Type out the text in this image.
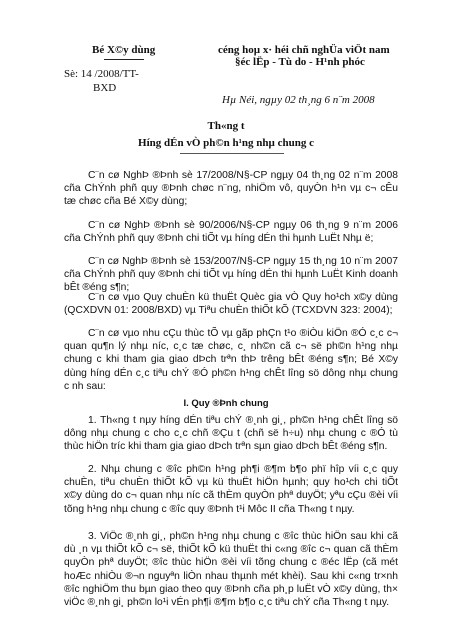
Bé X©y dùng
Sè: 14 /2008/TT-
BXD
céng hoµ x· héi chñ nghÜa viÖt nam
§éc lËp - Tù do - H¹nh phóc
Hµ Néi, ngµy 02 th¸ng 6 n¨m 2008
Th«ng t
Híng dÉn vÒ ph©n h¹ng nhµ chung c
C¨n cø NghÞ ®Þnh sè 17/2008/N§-CP ngµy 04 th¸ng 02 n¨m 2008 cña ChÝnh phñ quy ®Þnh chøc n¨ng, nhiÖm vô, quyÒn h¹n vµ c¬ cÊu tæ chøc cña Bé X©y dùng;
C¨n cø NghÞ ®Þnh sè 90/2006/N§-CP ngµy 06 th¸ng 9 n¨m 2006 cña ChÝnh phñ quy ®Þnh chi tiÕt vµ híng dÉn thi hµnh LuËt Nhµ ë;
C¨n cø NghÞ ®Þnh sè 153/2007/N§-CP ngµy 15 th¸ng 10 n¨m 2007 cña ChÝnh phñ quy ®Þnh chi tiÕt vµ híng dÉn thi hµnh LuËt Kinh doanh bÊt ®éng s¶n;
C¨n cø vµo Quy chuÈn kü thuËt Quèc gia vÒ Quy ho¹ch x©y dùng (QCXDVN 01: 2008/BXD) vµ Tiªu chuÈn thiÕt kÕ (TCXDVN 323: 2004);
C¨n cø vµo nhu cÇu thùc tÕ vµ gãp phÇn t¹o ®iÒu kiÖn ®Ó c¸c c¬ quan qu¶n lý nhµ níc, c¸c tæ chøc, c¸ nh©n cã c¬ së ph©n h¹ng nhµ chung c khi tham gia giao dÞch trªn thÞ trêng bÊt ®éng s¶n; Bé X©y dùng híng dÉn c¸c tiªu chÝ ®Ó ph©n h¹ng chÊt lîng sö dông nhµ chung c nh sau:
I. Quy ®Þnh chung
1. Th«ng t nµy híng dÉn tiªu chÝ ®¸nh gi¸, ph©n h¹ng chÊt lîng sö dông nhµ chung c cho c¸c chñ ®Çu t (chñ së h÷u) nhµ chung c ®Ó tù thùc hiÖn tríc khi tham gia giao dÞch trªn sµn giao dÞch bÊt ®éng s¶n.
2. Nhµ chung c ®îc ph©n h¹ng ph¶i ®¶m b¶o phï hîp víi c¸c quy chuÈn, tiªu chuÈn thiÕt kÕ vµ kü thuËt hiÖn hµnh; quy ho¹ch chi tiÕt x©y dùng do c¬ quan nhµ níc cã thÈm quyÒn phª duyÖt; yªu cÇu ®èi víi tõng h¹ng nhµ chung c ®îc quy ®Þnh t¹i Môc II cña Th«ng t nµy.
3. ViÖc ®¸nh gi¸, ph©n h¹ng nhµ chung c ®îc thùc hiÖn sau khi cã dù ¸n vµ thiÕt kÕ c¬ së, thiÕt kÕ kü thuËt thi c«ng ®îc c¬ quan cã thÈm quyÒn phª duyÖt; ®îc thùc hiÖn ®èi víi tõng chung c ®éc lËp (cã mét hoÆc nhiÒu ®¬n nguyªn liÒn nhau thµnh mét khèi). Sau khi c«ng tr×nh ®îc nghiÖm thu bµn giao theo quy ®Þnh cña ph¸p luËt vÒ x©y dùng, th× viÖc ®¸nh gi¸ ph©n lo¹i vÉn ph¶i ®¶m b¶o c¸c tiªu chÝ cña Th«ng t nµy.
